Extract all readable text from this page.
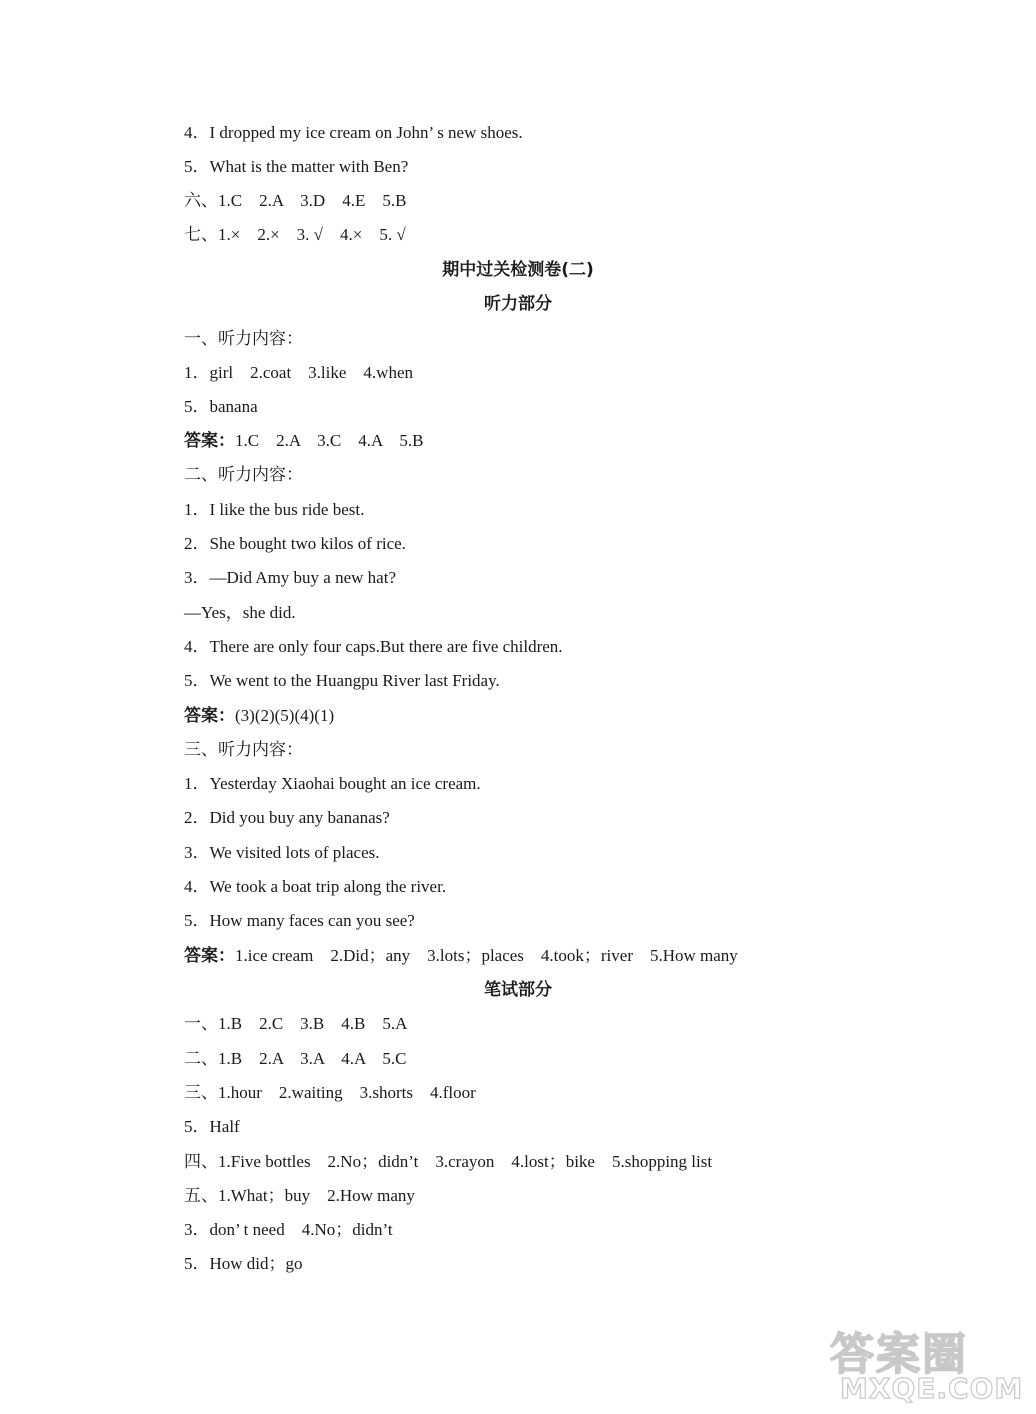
4．I dropped my ice cream on John’ s new shoes.
5．What is the matter with Ben?
六、1.C    2.A    3.D    4.E    5.B
七、1.×    2.×    3. √    4.×    5. √
期中过关检测卷(二)
听力部分
一、听力内容：
1．girl    2.coat    3.like    4.when
5．banana
答案：1.C    2.A    3.C    4.A    5.B
二、听力内容：
1．I like the bus ride best.
2．She bought two kilos of rice.
3．—Did Amy buy a new hat?
—Yes，she did.
4．There are only four caps.But there are five children.
5．We went to the Huangpu River last Friday.
答案：(3)(2)(5)(4)(1)
三、听力内容：
1．Yesterday Xiaohai bought an ice cream.
2．Did you buy any bananas?
3．We visited lots of places.
4．We took a boat trip along the river.
5．How many faces can you see?
答案：1.ice cream    2.Did；any    3.lots；places    4.took；river    5.How many
笔试部分
一、1.B    2.C    3.B    4.B    5.A
二、1.B    2.A    3.A    4.A    5.C
三、1.hour    2.waiting    3.shorts    4.floor
5．Half
四、1.Five bottles    2.No；didn’t    3.crayon    4.lost；bike    5.shopping list
五、1.What；buy    2.How many
3．don’ t need    4.No；didn’t
5．How did；go
答案圈
MXQE.COM
